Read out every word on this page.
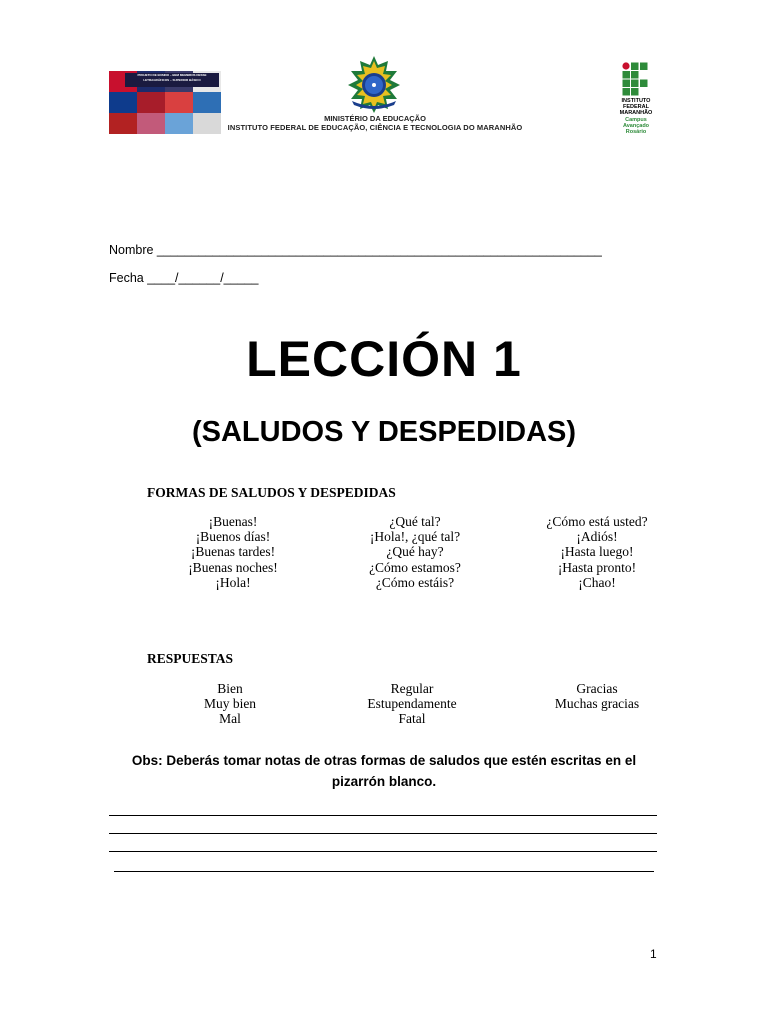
PROJETO DE ENSINO – BEM MEMBROS DESSE LETRAGRÁFICOS – SUPERIOR BÁSICO
MINISTÉRIO DA EDUCAÇÃO
INSTITUTO FEDERAL DE EDUCAÇÃO, CIÊNCIA E TECNOLOGIA DO MARANHÃO
INSTITUTO
FEDERAL
MARANHÃO
Campus Avançado
Rosário
Nombre ________________________________________________________________
Fecha ____/______/_____
LECCIÓN 1
(SALUDOS Y DESPEDIDAS)
FORMAS DE SALUDOS Y DESPEDIDAS
¡Buenas!
¡Buenos días!
¡Buenas tardes!
¡Buenas noches!
¡Hola!
¿Qué tal?
¡Hola!, ¿qué tal?
¿Qué hay?
¿Cómo estamos?
¿Cómo estáis?
¿Cómo está usted?
¡Adiós!
¡Hasta luego!
¡Hasta pronto!
¡Chao!
RESPUESTAS
Bien
Muy bien
Mal
Regular
Estupendamente
Fatal
Gracias
Muchas gracias
Obs: Deberás tomar notas de otras formas de saludos que estén escritas en el pizarrón blanco.
1
